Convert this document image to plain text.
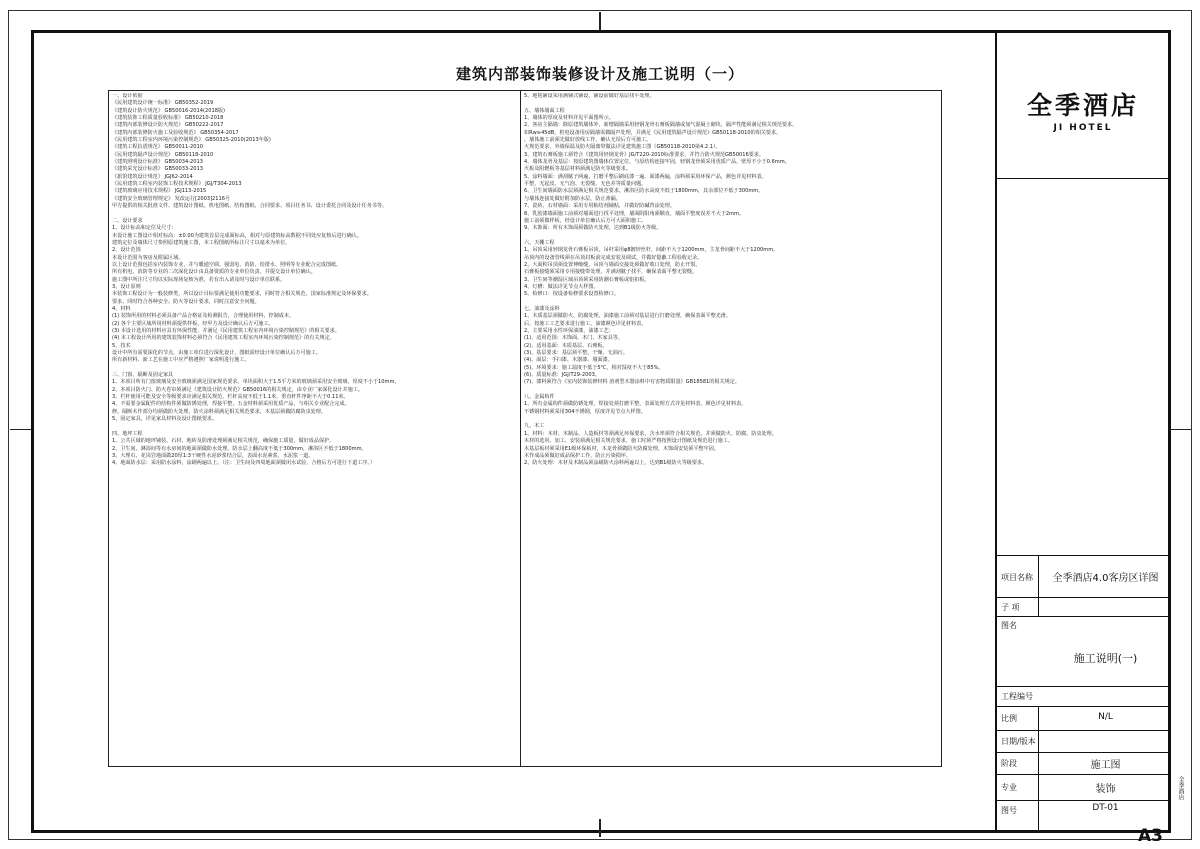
建筑内部装饰装修设计及施工说明（一）
一、设计依据
《民用建筑设计统一标准》 GB50352-2019
《建筑设计防火规范》 GB50016-2014(2018版)
《建筑装饰工程质量验收标准》 GB50210-2018
《建筑内部装修设计防火规范》 GB50222-2017
《建筑内部装修防火施工及验收规范》 GB50354-2017
《民用建筑工程室内环境污染控制规范》 GB50325-2010(2013年版)
《建筑工程抗震规范》 GB50011-2010
《民用建筑隔声设计规范》 GB50118-2010
《建筑照明设计标准》 GB50034-2013
《建筑采光设计标准》 GB50033-2013
《旅馆建筑设计规范》 JGJ62-2014
《民用建筑工程室内装饰工程技术规程》 JGJ/T304-2013
《建筑玻璃应用技术规程》 JGJ113-2015
《建筑安全玻璃管理规定》 发改运行[2003]2116号
甲方提供的相关批准文件、建筑设计图纸、机电图纸、结构图纸、合同要求、项目任务书、设计委托合同及设计任务书等。
二、设计要求
1、设计标高和定位及尺寸：
本设计施工图设计相对标高：±0.00为建筑首层完成面标高，相对与原建筑标高数据不同处应复核后进行确认。
建筑定位及墙体尺寸参照原建筑施工图，本工程图纸所标注尺寸以毫米为单位。
2、设计范围
本设计范围为客房及附属区域。
以上设计范围包括室内装饰专业，并与暖通空调、强弱电、消防、给排水、照明等专业配合完成图纸。
所有机电、消防等专业的二次深化设计由具备资质的专业单位负责，并提交设计单位确认。
施工图中所注尺寸均以实际现场复核为准，若有出入请及时与设计单位联系。
3、设计原则
本装饰工程设计为一般装修类，所以设计目标要满足使用功能要求，同时符合相关规范、国家标准规定及环保要求。
要求，同时符合各种安全、防火等设计要求，同时注意安全问题。
4、材料
(1) 装饰所用的材料必须具备产品合格证及检测报告，合理使用材料，控制成本。
(2) 各个主要区域所用材料须提供样板，经甲方及设计确认后方可施工。
(3) 本设计选用的材料应具有环保性能，并满足《民用建筑工程室内环境污染控制规范》的相关要求。
(4) 本工程设计所用的建筑装饰材料必须符合《民用建筑工程室内环境污染控制规范》的有关规定。
5、技术
设计中所有需要深化的节点，由施工单位进行深化设计，图纸需经设计单位确认后方可施工。
所有新材料、新工艺在施工中应严格遵照厂家说明进行施工。
三、门窗、隔断及固定家具
1、本项目所有门窗玻璃及安全玻璃须满足国家规范要求，单块面积大于1.5平方米的玻璃须采用安全玻璃，厚度不小于10mm。
2、本项目防火门、防火卷帘须满足《建筑设计防火规范》GB50016的相关规定，由专业厂家深化设计并施工。
3、栏杆使用可能及安全等级要求应满足相关规范，栏杆高度不低于1.1米，垂直杆件净距不大于0.11米。
4、不需要金属配件的结构件须做防锈处理，焊接平整，五金材料须采用优质产品，与相关专业配合完成。
修。隔断木作部分均须做防火处理，防火涂料须满足相关规范要求，木基层须做防腐防虫处理。
5、固定家具，详见家具材料及设计图纸要求。
四、地坪工程
1、公共区域的地坪铺装、石材、地砖及防滑处理须满足相关规范，确保施工质量，做好成品保护。
2、卫生间、淋浴间等有水房间的地面须做防水处理，防水层上翻高度不低于300mm，淋浴区不低于1800mm。
3、大理石、花岗岩地面做20厚1:3干硬性水泥砂浆结合层，表面水泥素浆，水泥浆一道。
4、地面防水层：采用防水涂料，涂刷两遍以上。（注：卫生间及四周地面须做闭水试验，合格后方可进行下道工序。）
5、地毯铺设采用满铺式铺设，铺设前做好基层找平处理。
五、墙体墙面工程
1、墙体的厚度及材料详见平面图所示。
2、客房主隔墙：除原建筑墙体外，新增隔墙采用轻钢龙骨石膏板隔墙或加气混凝土砌块，隔声性能须满足相关规范要求。
如Rw≥45dB，机电设备用房隔墙需做隔声处理，并满足《民用建筑隔声设计规范》GB50118-2010的相关要求。
，墙体施工前须先做好放线工作，确认无误后方可施工。
火规范要求，外墙保温及防火隔离带做法详见建筑施工图（GB50118-2010第4.2.1）。
3、建筑石膏板施工须符合《建筑用轻钢龙骨》JG/T220-2010标准要求，并符合防火规范GB50016要求。
4、墙体龙骨及基层：按原建筑图墙体位置定位，与原结构连接牢固，轻钢龙骨须采用优质产品，壁厚不小于0.6mm。
火板及阻燃板等基层材料须满足防火等级要求。
5、涂料墙面：满刮腻子两遍，打磨平整后刷底漆一遍，面漆两遍，涂料须采用环保产品，颜色详见材料表。
平整，无起皮、无气泡、无裂缝、无色差等质量问题。
6、卫生间墙面防水层须满足相关规范要求，淋浴区防水高度不低于1800mm，其余部位不低于300mm。
与墙体连接处做好附加防水层，防止渗漏。
7、瓷砖、石材墙面：采用专用粘结剂铺贴，并做好防碱背涂处理。
8、乳胶漆墙面施工前须对墙面进行找平处理，墙面阴阳角须顺直，墙面平整度误差不大于2mm。
施工前须做样板，经设计单位确认后方可大面积施工。
9、木饰面：所有木饰面须做防火处理，达到B1级防火等级。
六、天棚工程
1、吊顶采用轻钢龙骨石膏板吊顶，吊杆采用φ8镀锌丝杆，间距不大于1200mm，主龙骨间距不大于1200mm。
吊顶内的设备管线须在吊顶封板前完成安装及调试，并做好隐蔽工程验收记录。
2、大面积吊顶须设置伸缩缝，吊顶与墙面交接处须做好收口处理，防止开裂。
石膏板接缝须采用专用接缝带处理，并满刮腻子找平，确保表面平整无裂缝。
3、卫生间等潮湿区域吊顶须采用防潮石膏板或铝扣板。
4、灯槽：做法详见节点大样图。
5、检修口：按设备检修要求设置检修口。
七、油漆及涂料
1、木质基层须做防火、防腐处理，油漆施工前须对基层进行打磨处理，确保表面平整光滑。
后，按施工工艺要求进行施工，油漆颜色详见材料表。
2、主要采用水性环保油漆，油漆工艺：
(1)、适用范围：木饰面、木门、木家具等。
(2)、适用基面：木质基层、石膏板。
(3)、基层要求：基层须平整、干燥、无油污。
(4)、面层：手扫漆、木器漆、墙面漆。
(5)、环境要求：施工温度不低于5℃，相对湿度不大于85%。
(6)、质量标准：JGJ/T29-2003。
(7)、漆料须符合《室内装饰装修材料 溶剂型木器涂料中有害物质限量》GB18581的相关规定。
八、金属构件
1、所有金属构件须做防锈处理，焊接处须打磨平整，表面处理方式详见材料表，颜色详见材料表。
不锈钢材料须采用304不锈钢，厚度详见节点大样图。
九、木工
1、材料：木材、木制品、人造板材等须满足环保要求，含水率须符合相关规范，并须做防火、防腐、防虫处理。
木材的选用、加工、安装须满足相关规范要求，施工时须严格按照设计图纸及规范进行施工。
木基层板材须采用E1级环保板材，木龙骨须做防火防腐处理，木饰面安装须平整牢固。
木作成品须做好成品保护工作，防止污染损坏。
2、防火处理：木材及木制品须涂刷防火涂料两遍以上，达到B1级防火等级要求。
全季酒店
JI HOTEL
项目名称	全季酒店4.0客房区详图
子 项
图名
施工说明(一)
工程编号
比例	N/L
日期/版本
阶段	施工图
专业	装饰
图号	DT-01
全季酒店
A3
